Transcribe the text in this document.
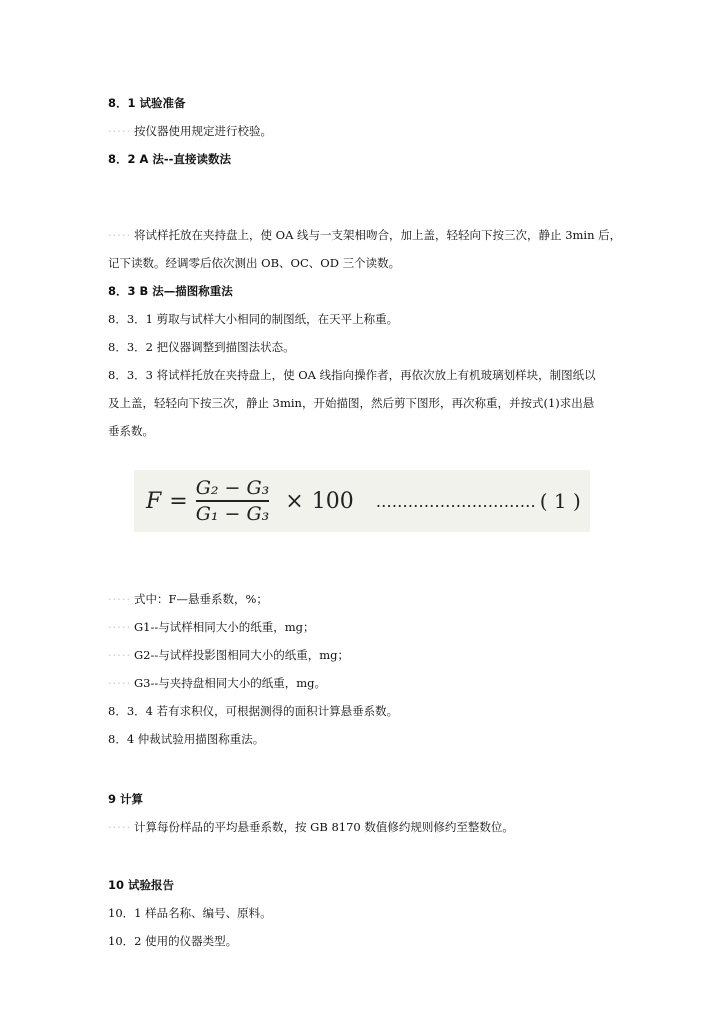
8．1 试验准备
····· 按仪器使用规定进行校验。
8．2 A 法--直接读数法
····· 将试样托放在夹持盘上，使 OA 线与一支架相吻合，加上盖，轻轻向下按三次，静止 3min 后，
记下读数。经调零后依次测出 OB、OC、OD 三个读数。
8．3 B 法—描图称重法
8．3．1 剪取与试样大小相同的制图纸，在天平上称重。
8．3．2 把仪器调整到描图法状态。
8．3．3 将试样托放在夹持盘上，使 OA 线指向操作者，再依次放上有机玻璃划样块，制图纸以
及上盖，轻轻向下按三次，静止 3min，开始描图，然后剪下图形，再次称重，并按式(1)求出悬
垂系数。
$F = \frac{\text{G₂ − G₃}}{\text{G₁ − G₃}} \times 100$ ………………………… ( 1 )
····· 式中：F—悬垂系数，%；
····· G1--与试样相同大小的纸重，mg；
····· G2--与试样投影图相同大小的纸重，mg；
····· G3--与夹持盘相同大小的纸重，mg。
8．3．4 若有求积仪，可根据测得的面积计算悬垂系数。
8．4 仲裁试验用描图称重法。
9 计算
····· 计算每份样品的平均悬垂系数，按 GB 8170 数值修约规则修约至整数位。
10 试验报告
10．1 样品名称、编号、原料。
10．2 使用的仪器类型。
